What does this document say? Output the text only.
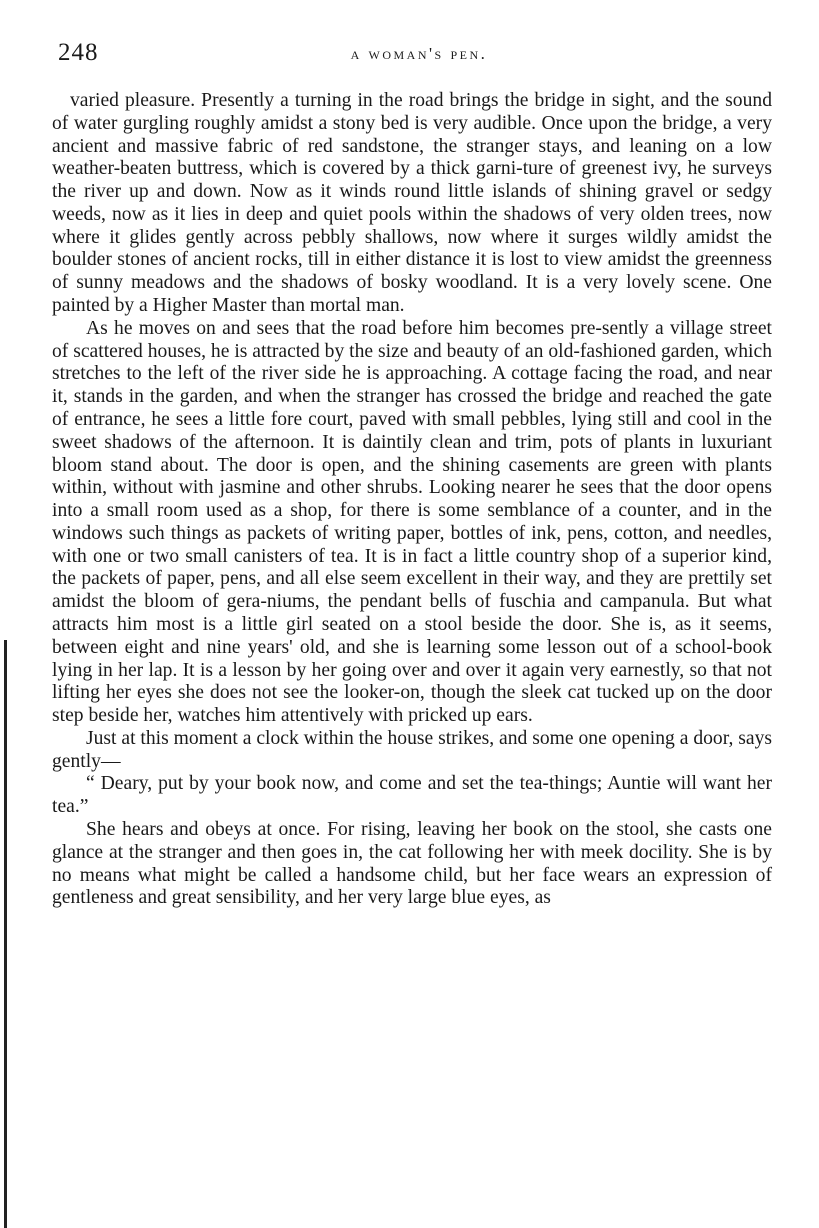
248	a woman's pen.

varied pleasure. Presently a turning in the road brings the bridge in sight, and the sound of water gurgling roughly amidst a stony bed is very audible. Once upon the bridge, a very ancient and massive fabric of red sandstone, the stranger stays, and leaning on a low weather-beaten buttress, which is covered by a thick garni-ture of greenest ivy, he surveys the river up and down. Now as it winds round little islands of shining gravel or sedgy weeds, now as it lies in deep and quiet pools within the shadows of very olden trees, now where it glides gently across pebbly shallows, now where it surges wildly amidst the boulder stones of ancient rocks, till in either distance it is lost to view amidst the greenness of sunny meadows and the shadows of bosky woodland. It is a very lovely scene. One painted by a Higher Master than mortal man.

As he moves on and sees that the road before him becomes pre-sently a village street of scattered houses, he is attracted by the size and beauty of an old-fashioned garden, which stretches to the left of the river side he is approaching. A cottage facing the road, and near it, stands in the garden, and when the stranger has crossed the bridge and reached the gate of entrance, he sees a little fore court, paved with small pebbles, lying still and cool in the sweet shadows of the afternoon. It is daintily clean and trim, pots of plants in luxuriant bloom stand about. The door is open, and the shining casements are green with plants within, without with jasmine and other shrubs. Looking nearer he sees that the door opens into a small room used as a shop, for there is some semblance of a counter, and in the windows such things as packets of writing paper, bottles of ink, pens, cotton, and needles, with one or two small canisters of tea. It is in fact a little country shop of a superior kind, the packets of paper, pens, and all else seem excellent in their way, and they are prettily set amidst the bloom of gera-niums, the pendant bells of fuschia and campanula. But what attracts him most is a little girl seated on a stool beside the door. She is, as it seems, between eight and nine years' old, and she is learning some lesson out of a school-book lying in her lap. It is a lesson by her going over and over it again very earnestly, so that not lifting her eyes she does not see the looker-on, though the sleek cat tucked up on the door step beside her, watches him attentively with pricked up ears.

Just at this moment a clock within the house strikes, and some one opening a door, says gently—

“ Deary, put by your book now, and come and set the tea-things; Auntie will want her tea.”

She hears and obeys at once. For rising, leaving her book on the stool, she casts one glance at the stranger and then goes in, the cat following her with meek docility. She is by no means what might be called a handsome child, but her face wears an expression of gentleness and great sensibility, and her very large blue eyes, as
